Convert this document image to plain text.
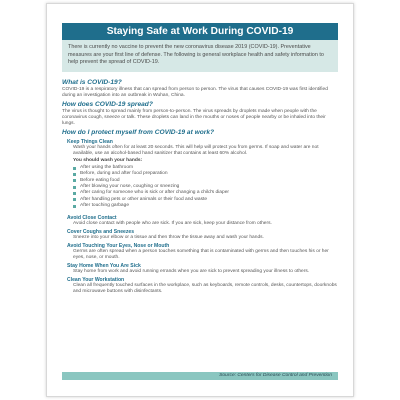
Staying Safe at Work During COVID-19
There is currently no vaccine to prevent the new coronavirus disease 2019 (COVID-19). Preventative measures are your first line of defense. The following is general workplace health and safety information to help prevent the spread of COVID-19.
What is COVID-19?
COVID-19 is a respiratory illness that can spread from person to person. The virus that causes COVID-19 was first identified during an investigation into an outbreak in Wuhan, China.
How does COVID-19 spread?
The virus is thought to spread mainly from person-to-person. The virus spreads by droplets made when people with the coronavirus cough, sneeze or talk. These droplets can land in the mouths or noses of people nearby or be inhaled into their lungs.
How do I protect myself from COVID-19 at work?
Keep Things Clean
Wash your hands often for at least 20 seconds. This will help will protect you from germs. If soap and water are not available, use an alcohol-based hand sanitizer that contains at least 60% alcohol.
You should wash your hands:
After using the bathroom
Before, during and after food preparation
Before eating food
After blowing your nose, coughing or sneezing
After caring for someone who is sick or after changing a child's diaper
After handling pets or other animals or their food and waste
After touching garbage
Avoid Close Contact
Avoid close contact with people who are sick. If you are sick, keep your distance from others.
Cover Coughs and Sneezes
Sneeze into your elbow or a tissue and then throw the tissue away and wash your hands.
Avoid Touching Your Eyes, Nose or Mouth
Germs are often spread when a person touches something that is contaminated with germs and then touches his or her eyes, nose, or mouth.
Stay Home When You Are Sick
Stay home from work and avoid running errands when you are sick to prevent spreading your illness to others.
Clean Your Workstation
Clean all frequently touched surfaces in the workplace, such as keyboards, remote controls, desks, countertops, doorknobs and microwave buttons with disinfectants.
Source: Centers for Disease Control and Prevention
